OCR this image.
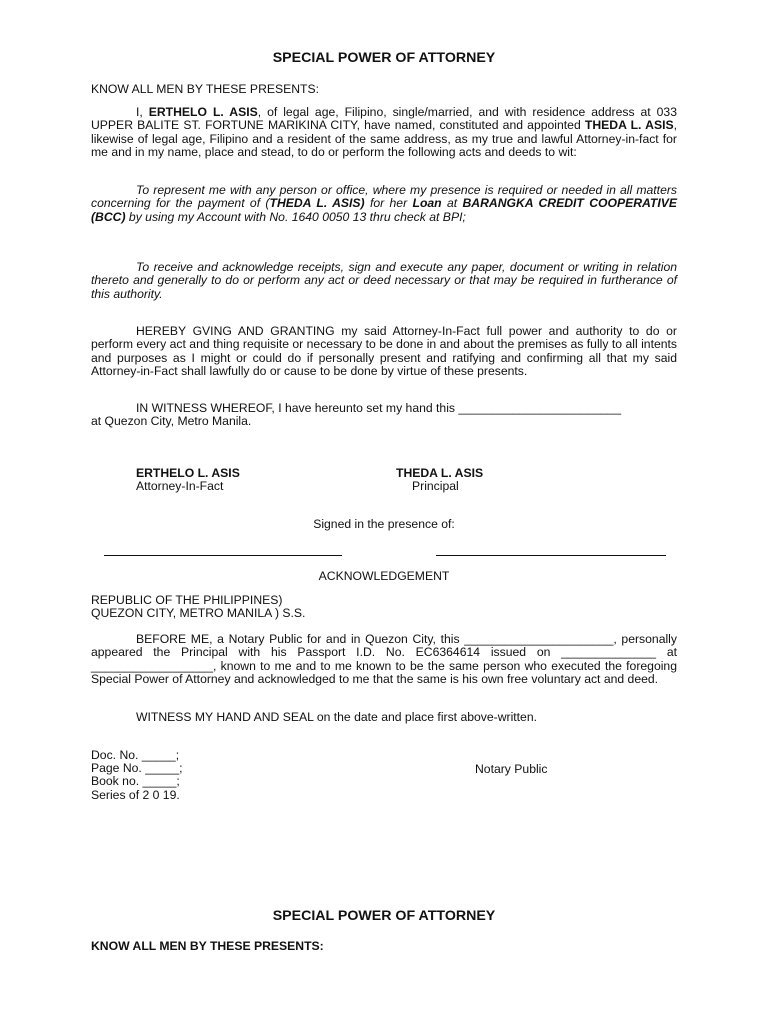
SPECIAL POWER OF ATTORNEY
KNOW ALL MEN BY THESE PRESENTS:

I, ERTHELO L. ASIS, of legal age, Filipino, single/married, and with residence address at 033 UPPER BALITE ST. FORTUNE MARIKINA CITY, have named, constituted and appointed THEDA L. ASIS, likewise of legal age, Filipino and a resident of the same address, as my true and lawful Attorney-in-fact for me and in my name, place and stead, to do or perform the following acts and deeds to wit:

To represent me with any person or office, where my presence is required or needed in all matters concerning for the payment of (THEDA L. ASIS) for her Loan at BARANGKA CREDIT COOPERATIVE (BCC) by using my Account with No. 1640 0050 13 thru check at BPI;

To receive and acknowledge receipts, sign and execute any paper, document or writing in relation thereto and generally to do or perform any act or deed necessary or that may be required in furtherance of this authority.

HEREBY GVING AND GRANTING my said Attorney-In-Fact full power and authority to do or perform every act and thing requisite or necessary to be done in and about the premises as fully to all intents and purposes as I might or could do if personally present and ratifying and confirming all that my said Attorney-in-Fact shall lawfully do or cause to be done by virtue of these presents.

IN WITNESS WHEREOF, I have hereunto set my hand this ________________________
at Quezon City, Metro Manila.
ERTHELO L. ASIS
Attorney-In-Fact
THEDA L. ASIS
Principal
Signed in the presence of:
ACKNOWLEDGEMENT
REPUBLIC OF THE PHILIPPINES)
QUEZON CITY, METRO MANILA ) S.S.

BEFORE ME, a Notary Public for and in Quezon City, this ______________________, personally appeared the Principal with his Passport I.D. No. EC6364614 issued on ______________ at __________________, known to me and to me known to be the same person who executed the foregoing Special Power of Attorney and acknowledged to me that the same is his own free voluntary act and deed.

WITNESS MY HAND AND SEAL on the date and place first above-written.
Doc. No. _____;
Page No. _____;
Book no. _____;
Series of 2 0 19.
Notary Public
SPECIAL POWER OF ATTORNEY
KNOW ALL MEN BY THESE PRESENTS:
